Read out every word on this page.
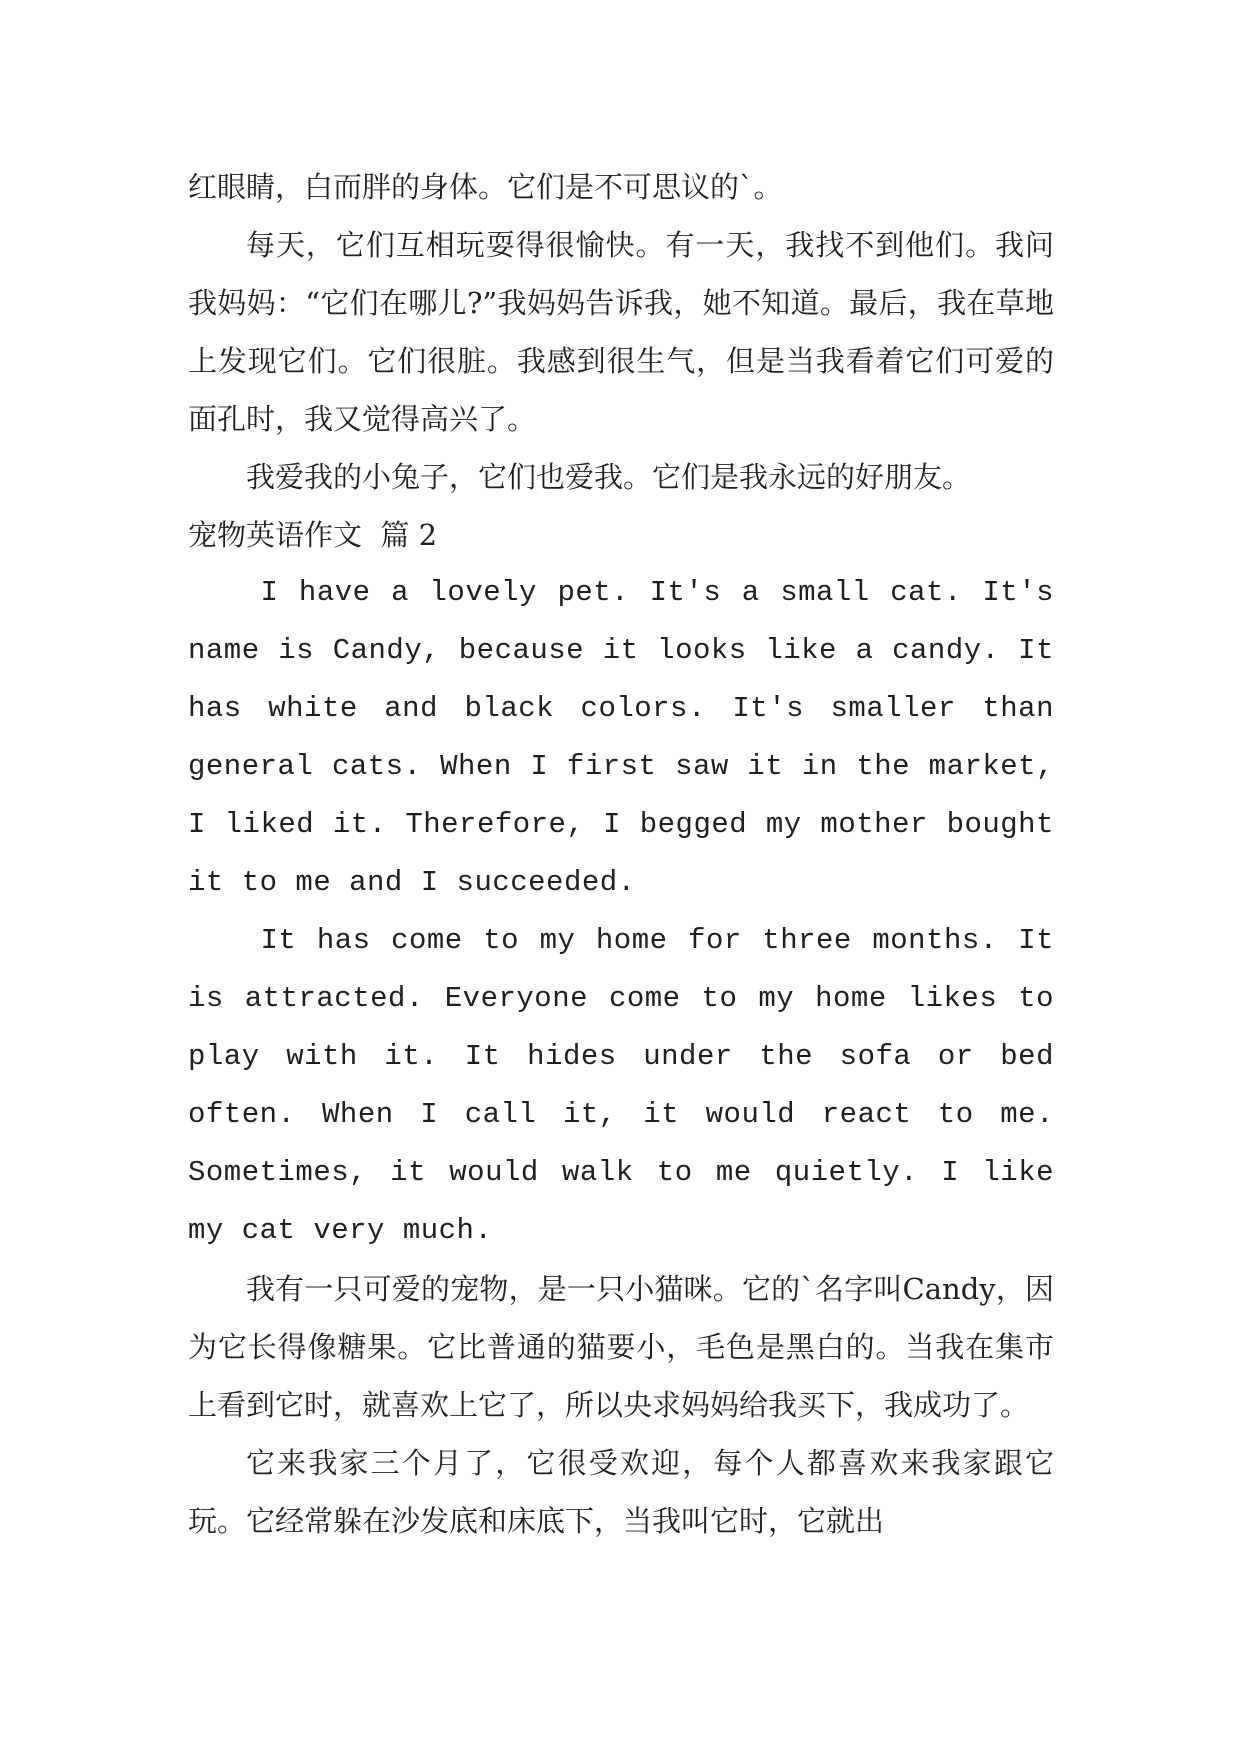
红眼睛，白而胖的身体。它们是不可思议的`。

每天，它们互相玩耍得很愉快。有一天，我找不到他们。我问我妈妈：“它们在哪儿?”我妈妈告诉我，她不知道。最后，我在草地上发现它们。它们很脏。我感到很生气，但是当我看着它们可爱的面孔时，我又觉得高兴了。

我爱我的小兔子，它们也爱我。它们是我永远的好朋友。

宠物英语作文  篇 2

I have a lovely pet. It's a small cat. It's name is Candy, because it looks like a candy. It has white and black colors. It's smaller than general cats. When I first saw it in the market, I liked it. Therefore, I begged my mother bought it to me and I succeeded.

It has come to my home for three months. It is attracted. Everyone come to my home likes to play with it. It hides under the sofa or bed often. When I call it, it would react to me. Sometimes, it would walk to me quietly. I like my cat very much.

我有一只可爱的宠物，是一只小猫咪。它的`名字叫Candy，因为它长得像糖果。它比普通的猫要小，毛色是黑白的。当我在集市上看到它时，就喜欢上它了，所以央求妈妈给我买下，我成功了。

它来我家三个月了，它很受欢迎，每个人都喜欢来我家跟它玩。它经常躲在沙发底和床底下，当我叫它时，它就出
